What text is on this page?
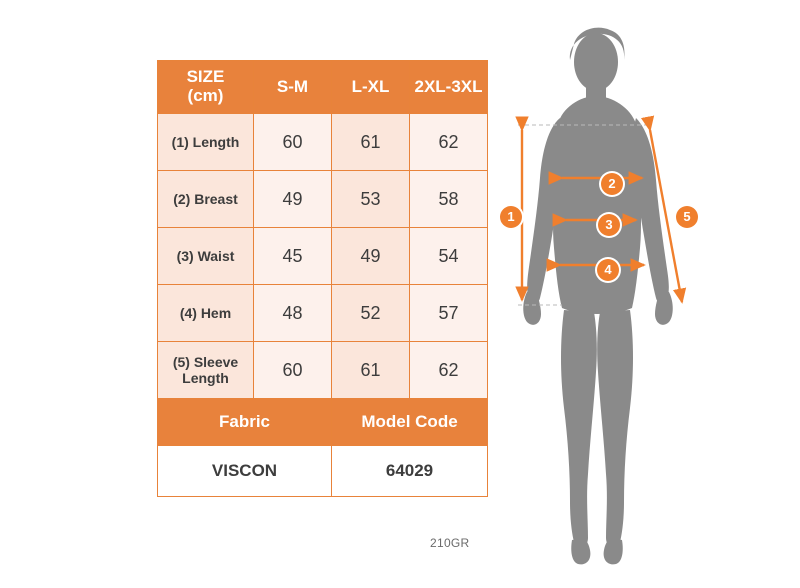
SIZE
(cm)	S-M	L-XL	2XL-3XL
(1) Length	60	61	62
(2) Breast	49	53	58
(3) Waist	45	49	54
(4) Hem	48	52	57
(5) Sleeve Length	60	61	62
Fabric		Model Code	
VISCON		64029	
210GR
1
2
3
4
5
